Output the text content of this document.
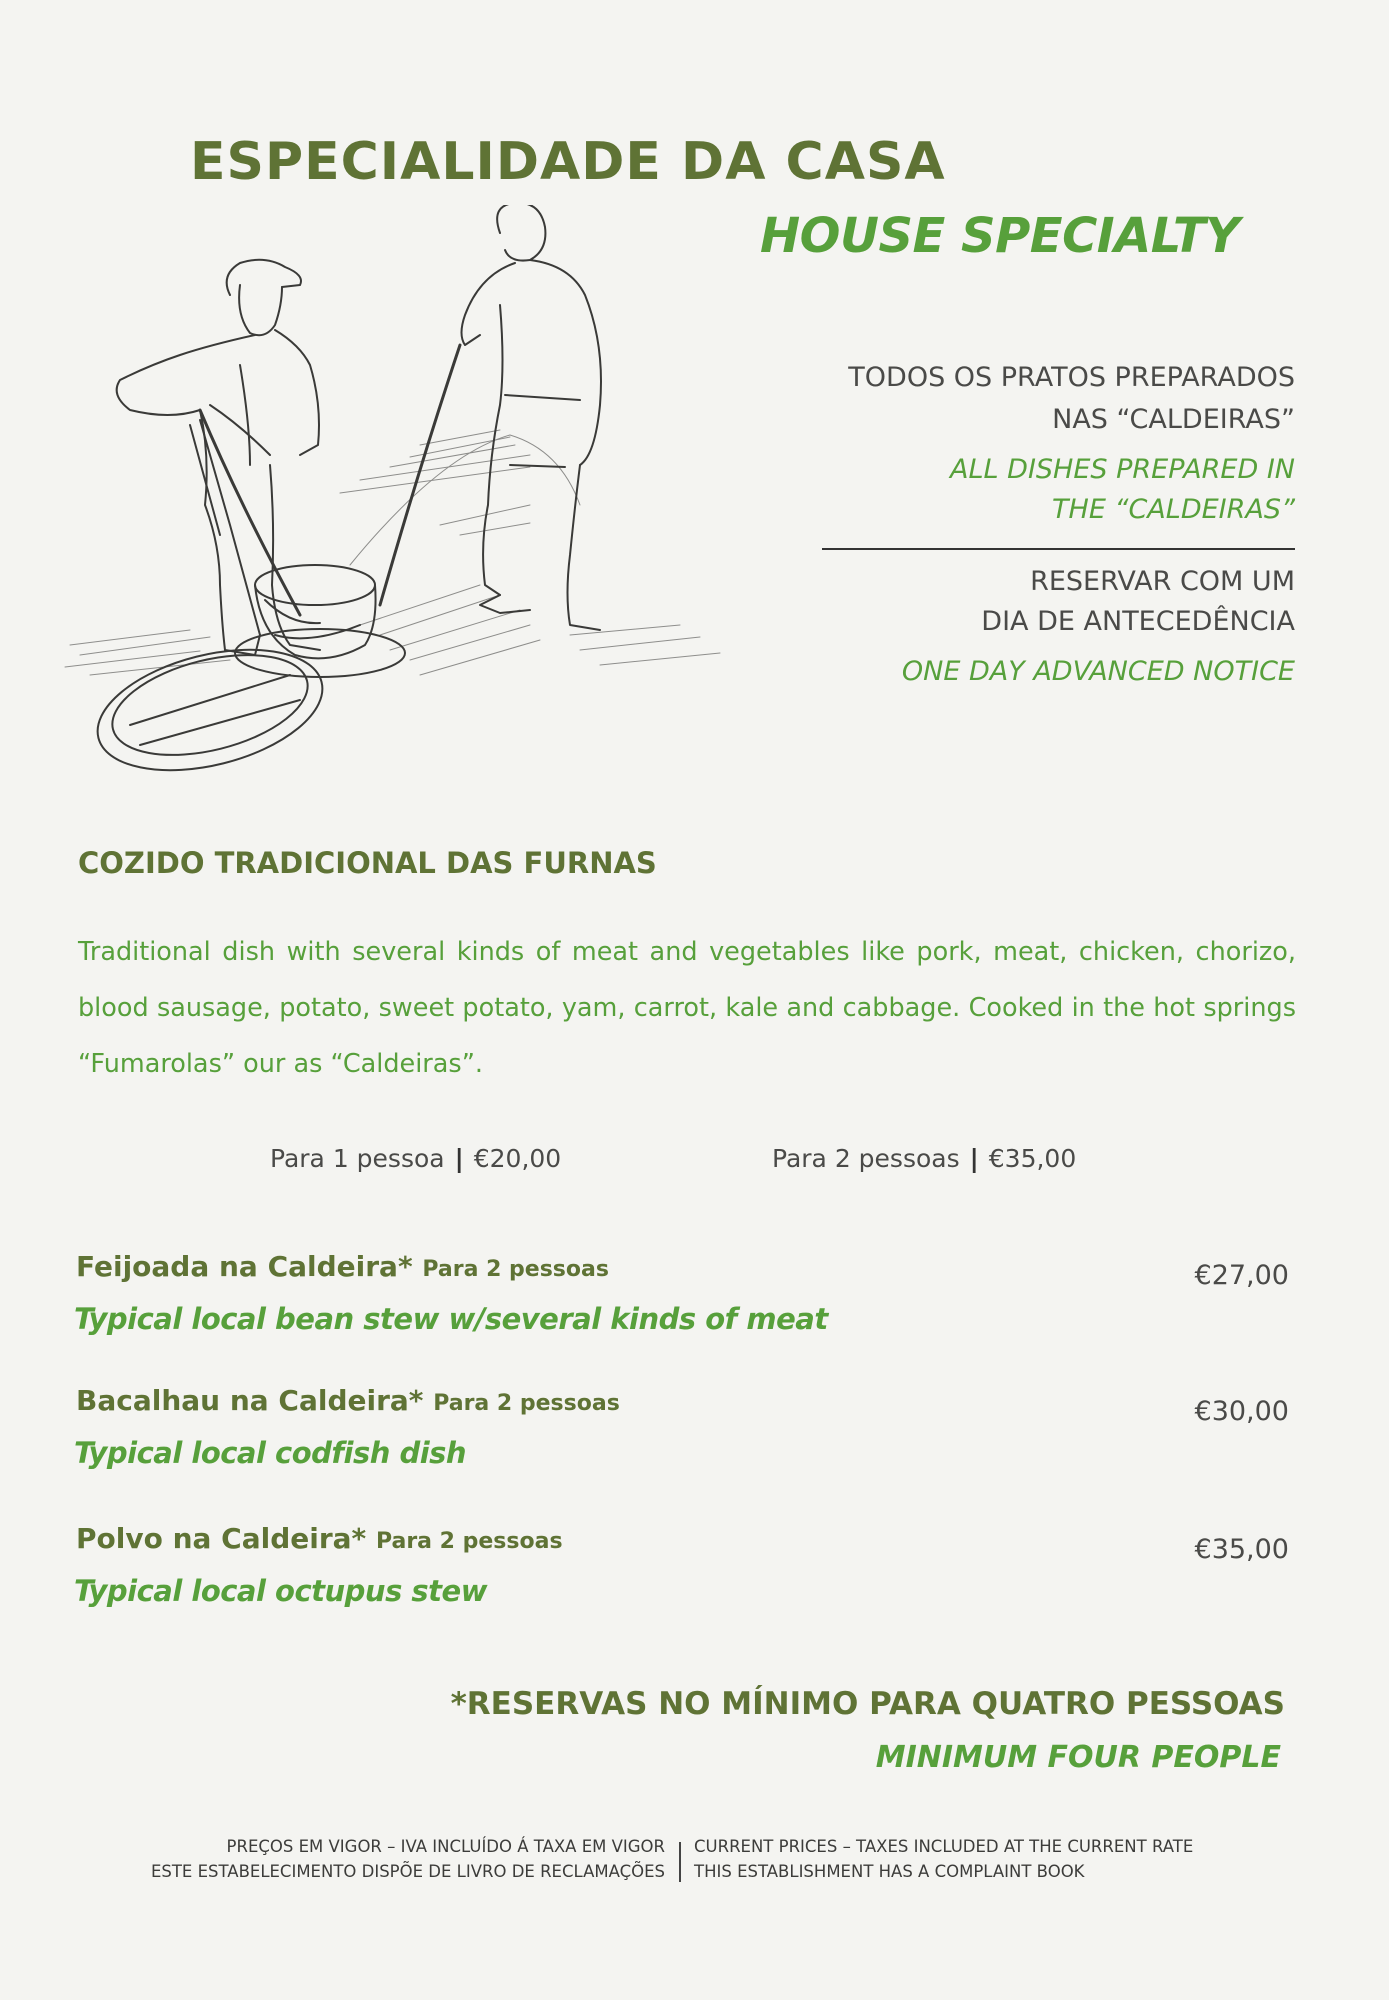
ESPECIALIDADE DA CASA
HOUSE SPECIALTY
TODOS OS PRATOS PREPARADOS
NAS “CALDEIRAS”
ALL DISHES PREPARED IN
THE “CALDEIRAS”
RESERVAR COM UM
DIA DE ANTECEDÊNCIA
ONE DAY ADVANCED NOTICE
COZIDO TRADICIONAL DAS FURNAS
Traditional dish with several kinds of meat and vegetables like pork, meat, chicken, chorizo, blood sausage, potato, sweet potato, yam, carrot, kale and cabbage. Cooked in the hot springs “Fumarolas” our as “Caldeiras”.
Para 1 pessoa | €20,00	Para 2 pessoas | €35,00
Feijoada na Caldeira* Para 2 pessoas
Typical local bean stew w/several kinds of meat
€27,00
Bacalhau na Caldeira* Para 2 pessoas
Typical local codfish dish
€30,00
Polvo na Caldeira* Para 2 pessoas
Typical local octupus stew
€35,00
*RESERVAS NO MÍNIMO PARA QUATRO PESSOAS
MINIMUM FOUR PEOPLE
PREÇOS EM VIGOR – IVA INCLUÍDO Á TAXA EM VIGOR
ESTE ESTABELECIMENTO DISPÕE DE LIVRO DE RECLAMAÇÕES
CURRENT PRICES – TAXES INCLUDED AT THE CURRENT RATE
THIS ESTABLISHMENT HAS A COMPLAINT BOOK
